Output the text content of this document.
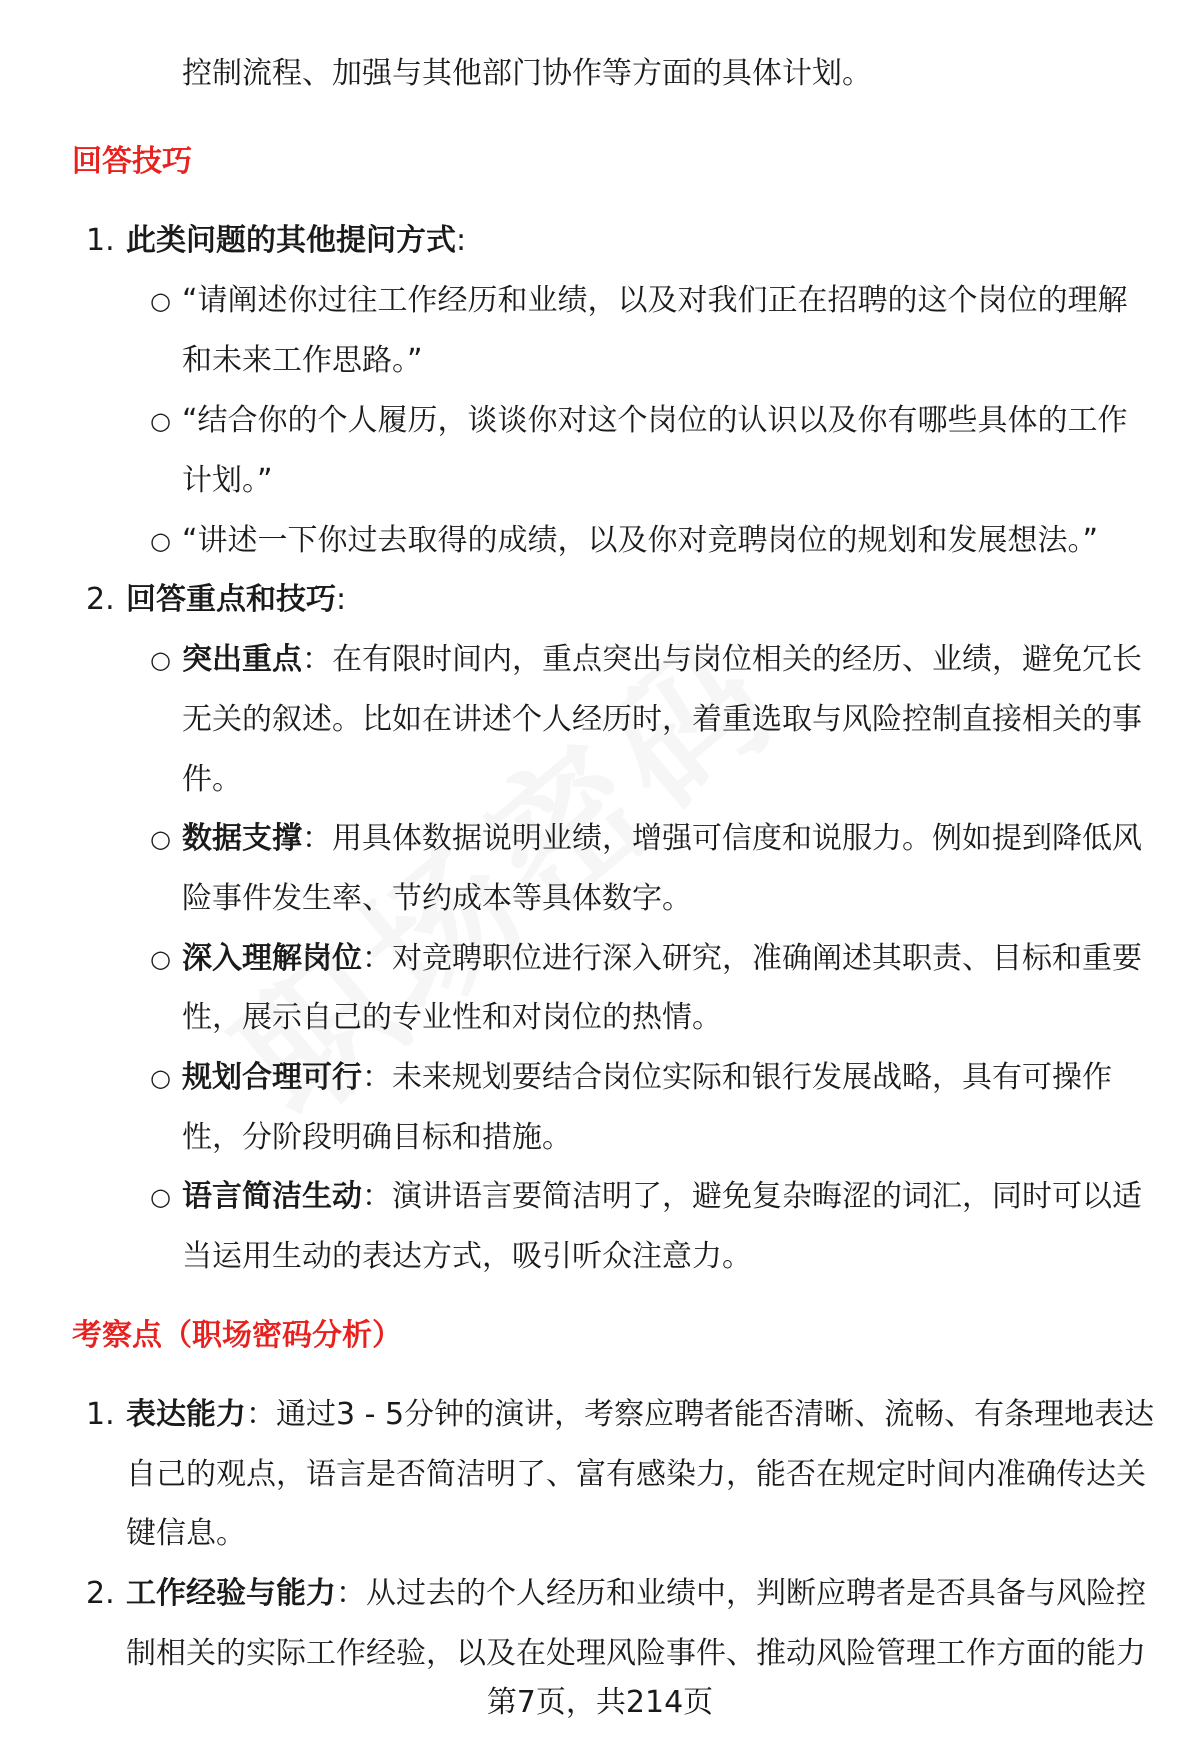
控制流程、加强与其他部门协作等方面的具体计划。
回答技巧
1. 此类问题的其他提问方式:
○ “请阐述你过往工作经历和业绩，以及对我们正在招聘的这个岗位的理解
和未来工作思路。”
○ “结合你的个人履历，谈谈你对这个岗位的认识以及你有哪些具体的工作
计划。”
○ “讲述一下你过去取得的成绩，以及你对竞聘岗位的规划和发展想法。”
2. 回答重点和技巧:
○ 突出重点：在有限时间内，重点突出与岗位相关的经历、业绩，避免冗长
无关的叙述。比如在讲述个人经历时，着重选取与风险控制直接相关的事
件。
○ 数据支撑：用具体数据说明业绩，增强可信度和说服力。例如提到降低风
险事件发生率、节约成本等具体数字。
○ 深入理解岗位：对竞聘职位进行深入研究，准确阐述其职责、目标和重要
性，展示自己的专业性和对岗位的热情。
○ 规划合理可行：未来规划要结合岗位实际和银行发展战略，具有可操作
性，分阶段明确目标和措施。
○ 语言简洁生动：演讲语言要简洁明了，避免复杂晦涩的词汇，同时可以适
当运用生动的表达方式，吸引听众注意力。
考察点（职场密码分析）
1. 表达能力：通过3 - 5分钟的演讲，考察应聘者能否清晰、流畅、有条理地表达
自己的观点，语言是否简洁明了、富有感染力，能否在规定时间内准确传达关
键信息。
2. 工作经验与能力：从过去的个人经历和业绩中，判断应聘者是否具备与风险控
制相关的实际工作经验，以及在处理风险事件、推动风险管理工作方面的能力
第7页，共214页
